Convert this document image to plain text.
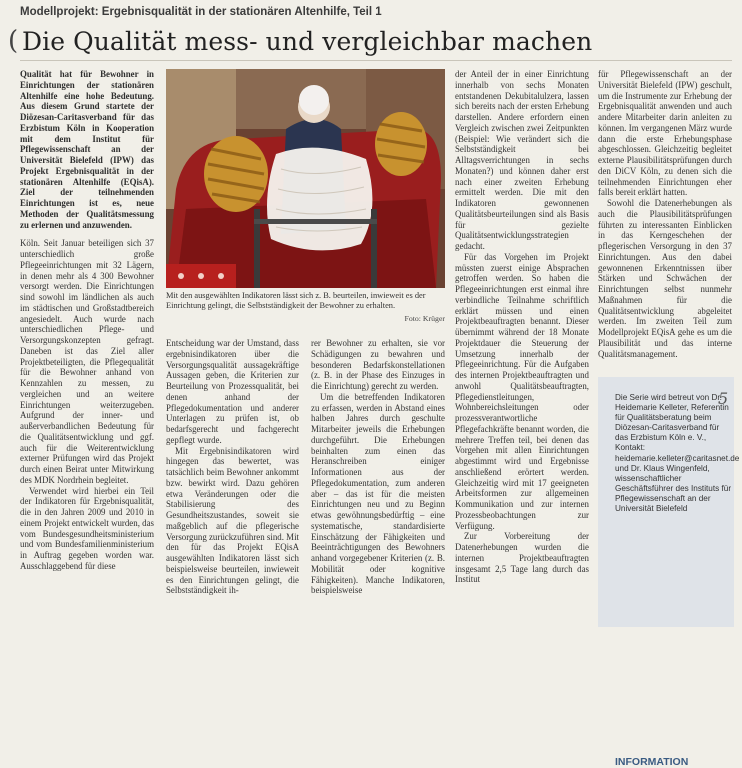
Modellprojekt: Ergebnisqualität in der stationären Altenhilfe, Teil 1
( Die Qualität mess- und vergleichbar machen

Qualität hat für Bewohner in Einrichtungen der stationären Altenhilfe eine hohe Bedeutung. Aus diesem Grund startete der Diözesan-Caritasverband für das Erzbistum Köln in Kooperation mit dem Institut für Pflegewissenschaft an der Universität Bielefeld (IPW) das Projekt Ergebnisqualität in der stationären Altenhilfe (EQisA). Ziel der teilnehmenden Einrichtungen ist es, neue Methoden der Qualitätsmessung zu erlernen und anzuwenden.

Köln. Seit Januar beteiligen sich 37 unterschiedlich große Pflegeeinrichtungen mit 32 Lägern, in denen mehr als 4 300 Bewohner versorgt werden. Die Einrichtungen sind sowohl im ländlichen als auch im städtischen und Großstadtbereich angesiedelt. Auch wurde nach unterschiedlichen Pflege- und Versorgungskonzepten gefragt. Daneben ist das Ziel aller Projektbeteiligten, die Pflegequalität für die Bewohner anhand von Kennzahlen zu messen, zu vergleichen und an weitere Einrichtungen weiterzugeben. Aufgrund der inner- und außerverbandlichen Bedeutung für die Qualitätsentwicklung und ggf. auch für die Weiterentwicklung externer Prüfungen wird das Projekt durch einen Beirat unter Mitwirkung des MDK Nordrhein begleitet.

Verwendet wird hierbei ein Teil der Indikatoren für Ergebnisqualität, die in den Jahren 2009 und 2010 in einem Projekt entwickelt wurden, das vom Bundesgesundheitsministerium und vom Bundesfamilienministerium in Auftrag gegeben worden war. Ausschlaggebend für diese

Mit den ausgewählten Indikatoren lässt sich z. B. beurteilen, inwieweit es der Einrichtung gelingt, die Selbstständigkeit der Bewohner zu erhalten.
Foto: Krüger

Entscheidung war der Umstand, dass ergebnisindikatoren über die Versorgungsqualität aussagekräftige Aussagen geben, die Kriterien zur Beurteilung von Prozessqualität, bei denen anhand der Pflegedokumentation und anderer Unterlagen zu prüfen ist, ob bedarfsgerecht und fachgerecht gepflegt wurde.

Mit Ergebnisindikatoren wird hingegen das bewertet, was tatsächlich beim Bewohner ankommt bzw. bewirkt wird. Dazu gehören etwa Veränderungen oder die Stabilisierung des Gesundheitszustandes, soweit sie maßgeblich auf die pflegerische Versorgung zurückzuführen sind. Mit den für das Projekt EQisA ausgewählten Indikatoren lässt sich beispielsweise beurteilen, inwieweit es den Einrichtungen gelingt, die Selbstständigkeit ih-

rer Bewohner zu erhalten, sie vor Schädigungen zu bewahren und besonderen Bedarfskonstellationen (z. B. in der Phase des Einzuges in die Einrichtung) gerecht zu werden.

Um die betreffenden Indikatoren zu erfassen, werden in Abstand eines halben Jahres durch geschulte Mitarbeiter jeweils die Erhebungen durchgeführt. Die Erhebungen beinhalten zum einen das Heranschreiben einiger Informationen aus der Pflegedokumentation, zum anderen aber – das ist für die meisten Einrichtungen neu und zu Beginn etwas gewöhnungsbedürftig – eine systematische, standardisierte Einschätzung der Fähigkeiten und Beeinträchtigungen des Bewohners anhand vorgegebener Kriterien (z. B. Mobilität oder kognitive Fähigkeiten). Manche Indikatoren, beispielsweise

der Anteil der in einer Einrichtung innerhalb von sechs Monaten entstandenen Dekubitalulzera, lassen sich bereits nach der ersten Erhebung darstellen. Andere erfordern einen Vergleich zwischen zwei Zeitpunkten (Beispiel: Wie verändert sich die Selbstständigkeit bei Alltagsverrichtungen in sechs Monaten?) und können daher erst nach einer zweiten Erhebung ermittelt werden. Die mit den Indikatoren gewonnenen Qualitätsbeurteilungen sind als Basis für gezielte Qualitätsentwicklungsstrategien gedacht.

Für das Vorgehen im Projekt müssten zuerst einige Absprachen getroffen werden. So haben die Pflegeeinrichtungen erst einmal ihre verbindliche Teilnahme schriftlich erklärt müssen und einen Projektbeauftragten benannt. Dieser übernimmt während der 18 Monate Projektdauer die Steuerung der Umsetzung innerhalb der Pflegeeinrichtung. Für die Aufgaben des internen Projektbeauftragten und anwohl Qualitätsbeauftragten, Pflegedienstleitungen, Wohnbereichsleitungen oder prozessverantwortliche Pflegefachkräfte benannt worden, die mehrere Treffen teil, bei denen das Vorgehen mit allen Einrichtungen abgestimmt wird und Ergebnisse anschließend erörtert werden. Gleichzeitig wird mit 17 geeigneten Arbeitsformen zur allgemeinen Kommunikation und zur internen Prozessbeobachtungen zur Verfügung.

Zur Vorbereitung der Datenerhebungen wurden die internen Projektbeauftragten insgesamt 2,5 Tage lang durch das Institut

für Pflegewissenschaft an der Universität Bielefeld (IPW) geschult, um die Instrumente zur Erhebung der Ergebnisqualität anwenden und auch andere Mitarbeiter darin anleiten zu können. Im vergangenen März wurde dann die erste Erhebungsphase abgeschlossen. Gleichzeitig begleitet externe Plausibilitätsprüfungen durch den DiCV Köln, zu denen sich die teilnehmenden Einrichtungen eher falls bereit erklärt hatten.

Sowohl die Datenerhebungen als auch die Plausibilitätsprüfungen führten zu interessanten Einblicken in das Kerngeschehen der pflegerischen Versorgung in den 37 Einrichtungen. Aus den dabei gewonnenen Erkenntnissen über Stärken und Schwächen der Einrichtungen selbst nunmehr Maßnahmen für die Qualitätsentwicklung abgeleitet werden. Im zweiten Teil zum Modellprojekt EQisA gehe es um die Plausibilität und das interne Qualitätsmanagement.

INFORMATION

Die Serie wird betreut von Dr. Heidemarie Kelleter, Referentin für Qualitätsberatung beim Diözesan-Caritasverband für das Erzbistum Köln e. V., Kontakt: heidemarie.kelleter@caritasnet.de und Dr. Klaus Wingenfeld, wissenschaftlicher Geschäftsführer des Instituts für Pflegewissenschaft an der Universität Bielefeld

5
